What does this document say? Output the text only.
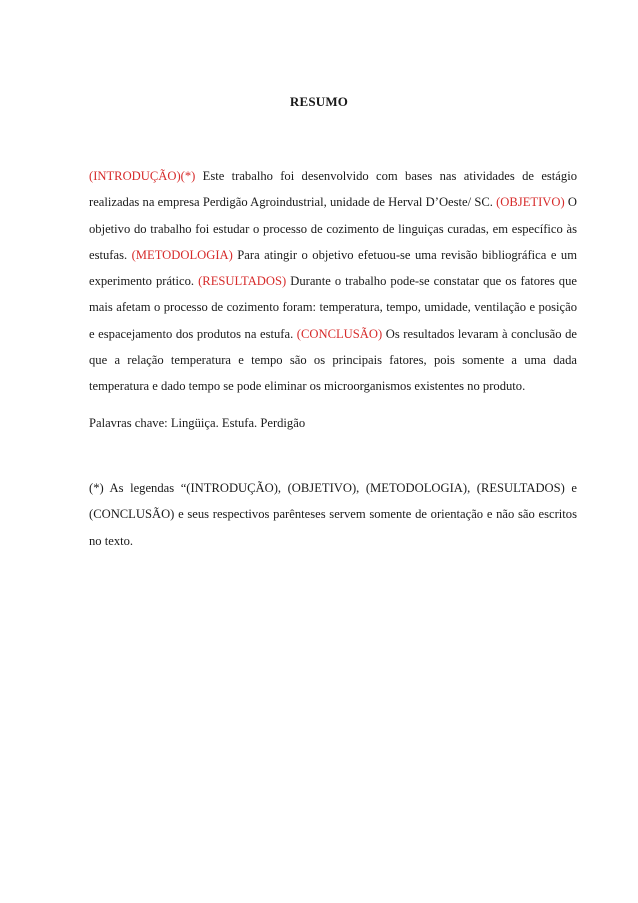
RESUMO

(INTRODUÇÃO)(*) Este trabalho foi desenvolvido com bases nas atividades de estágio realizadas na empresa Perdigão Agroindustrial, unidade de Herval D’Oeste/ SC. (OBJETIVO) O objetivo do trabalho foi estudar o processo de cozimento de linguiças curadas, em específico às estufas. (METODOLOGIA) Para atingir o objetivo efetuou-se uma revisão bibliográfica e um experimento prático. (RESULTADOS) Durante o trabalho pode-se constatar que os fatores que mais afetam o processo de cozimento foram: temperatura, tempo, umidade, ventilação e posição e espacejamento dos produtos na estufa. (CONCLUSÃO) Os resultados levaram à conclusão de que a relação temperatura e tempo são os principais fatores, pois somente a uma dada temperatura e dado tempo se pode eliminar os microorganismos existentes no produto.

Palavras chave: Lingüiça. Estufa. Perdigão

(*) As legendas “(INTRODUÇÃO), (OBJETIVO), (METODOLOGIA), (RESULTADOS) e (CONCLUSÃO) e seus respectivos parênteses servem somente de orientação e não são escritos no texto.
